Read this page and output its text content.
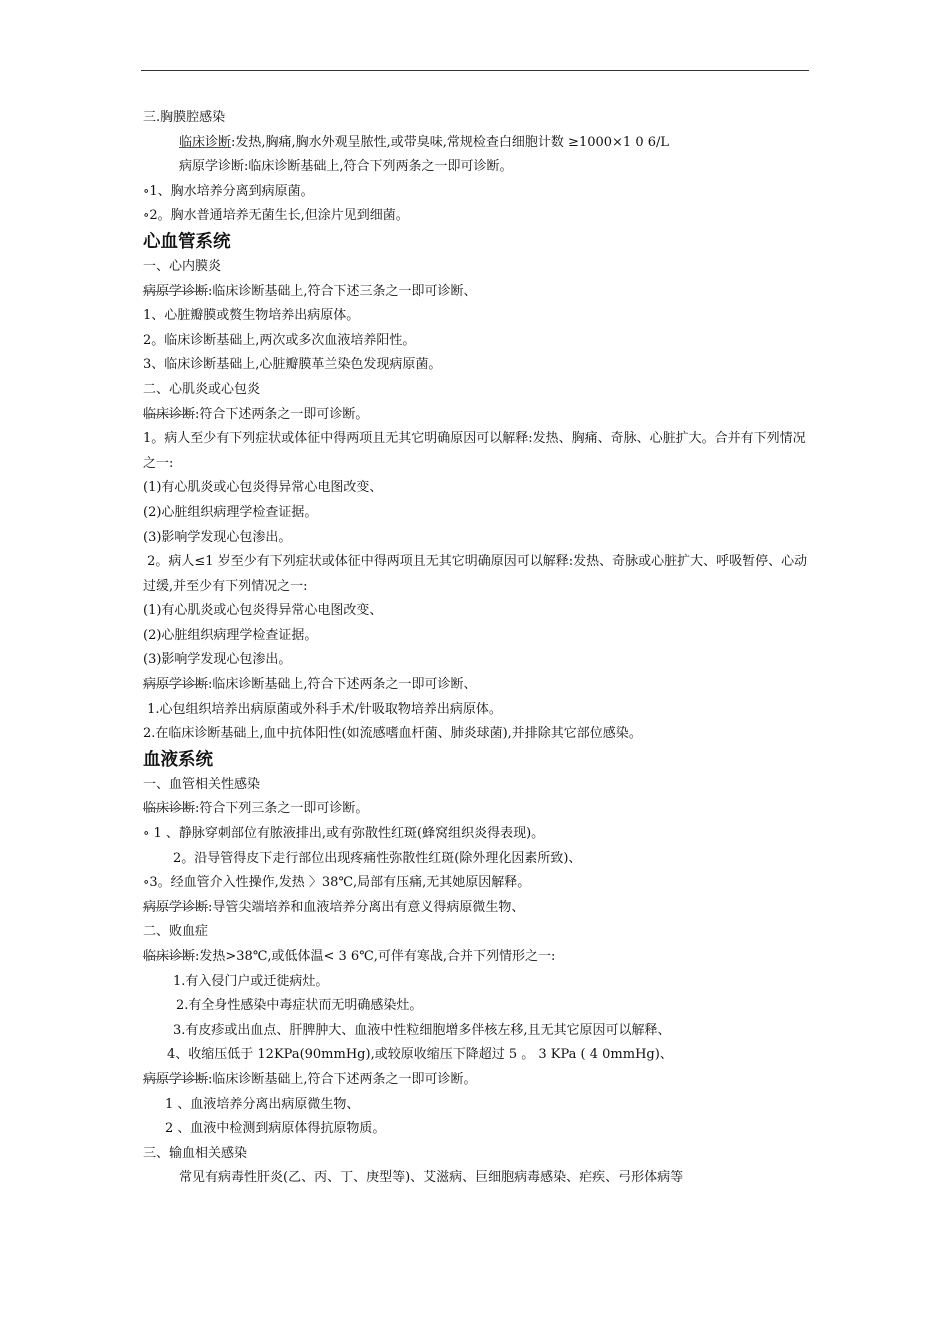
三.胸膜腔感染
临床诊断:发热,胸痛,胸水外观呈脓性,或带臭味,常规检查白细胞计数 ≥1000×1 0 6/L
病原学诊断:临床诊断基础上,符合下列两条之一即可诊断。
∘1、胸水培养分离到病原菌。
∘2。胸水普通培养无菌生长,但涂片见到细菌。
心血管系统
一、心内膜炎
病原学诊断:临床诊断基础上,符合下述三条之一即可诊断、
1、心脏瓣膜或赘生物培养出病原体。
2。临床诊断基础上,两次或多次血液培养阳性。
3、临床诊断基础上,心脏瓣膜革兰染色发现病原菌。
二、心肌炎或心包炎
临床诊断:符合下述两条之一即可诊断。
1。病人至少有下列症状或体征中得两项且无其它明确原因可以解释:发热、胸痛、奇脉、心脏扩大。合并有下列情况之一:
(1)有心肌炎或心包炎得异常心电图改变、
(2)心脏组织病理学检查证据。
(3)影响学发现心包渗出。
2。病人≤1 岁至少有下列症状或体征中得两项且无其它明确原因可以解释:发热、奇脉或心脏扩大、呼吸暂停、心动过缓,并至少有下列情况之一:
(1)有心肌炎或心包炎得异常心电图改变、
(2)心脏组织病理学检查证据。
(3)影响学发现心包渗出。
病原学诊断:临床诊断基础上,符合下述两条之一即可诊断、
1.心包组织培养出病原菌或外科手术/针吸取物培养出病原体。
2.在临床诊断基础上,血中抗体阳性(如流感嗜血杆菌、肺炎球菌),并排除其它部位感染。
血液系统
一、血管相关性感染
临床诊断:符合下列三条之一即可诊断。
∘ 1 、静脉穿刺部位有脓液排出,或有弥散性红斑(蜂窝组织炎得表现)。
2。沿导管得皮下走行部位出现疼痛性弥散性红斑(除外理化因素所致)、
∘3。经血管介入性操作,发热 〉38℃,局部有压痛,无其她原因解释。
病原学诊断:导管尖端培养和血液培养分离出有意义得病原微生物、
二、败血症
临床诊断:发热>38℃,或低体温< 3 6℃,可伴有寒战,合并下列情形之一:
1.有入侵门户或迁徙病灶。
2.有全身性感染中毒症状而无明确感染灶。
3.有皮疹或出血点、肝脾肿大、血液中性粒细胞增多伴核左移,且无其它原因可以解释、
4、收缩压低于 12KPa(90mmHg),或较原收缩压下降超过 5 。 3 KPa ( 4 0mmHg)、
病原学诊断:临床诊断基础上,符合下述两条之一即可诊断。
1 、血液培养分离出病原微生物、
2 、血液中检测到病原体得抗原物质。
三、输血相关感染
常见有病毒性肝炎(乙、丙、丁、庚型等)、艾滋病、巨细胞病毒感染、疟疾、弓形体病等
